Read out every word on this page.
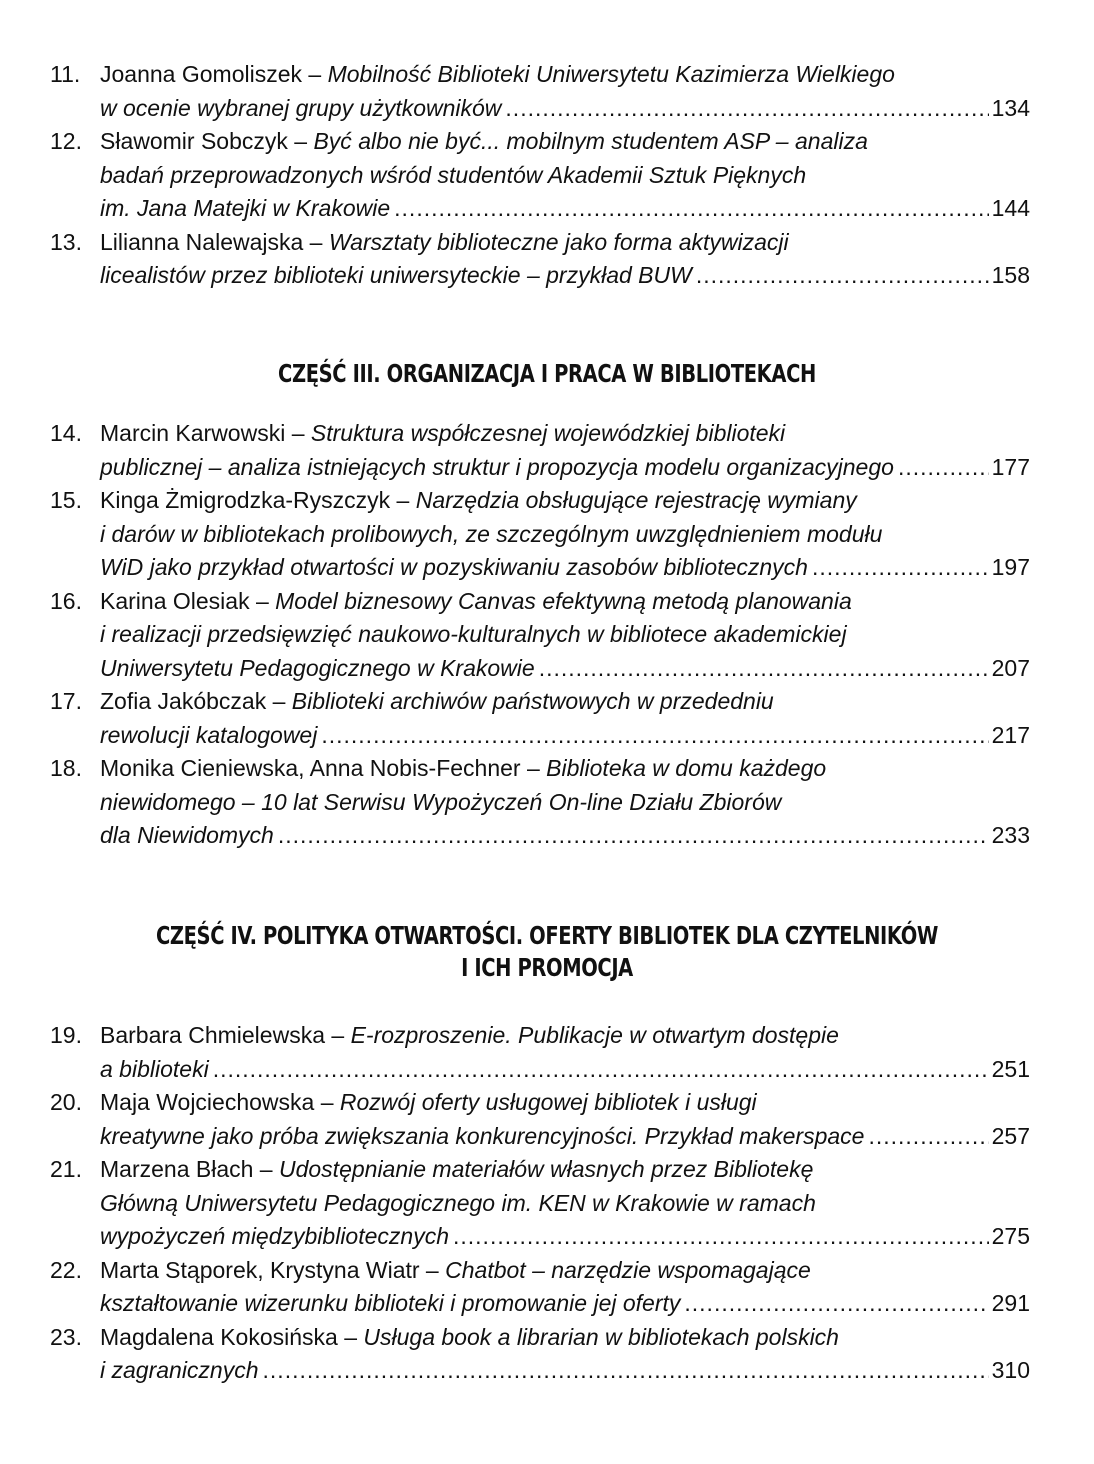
11. Joanna Gomoliszek – Mobilność Biblioteki Uniwersytetu Kazimierza Wielkiego
w ocenie wybranej grupy użytkowników .....	134
12. Sławomir Sobczyk – Być albo nie być... mobilnym studentem ASP – analiza
badań przeprowadzonych wśród studentów Akademii Sztuk Pięknych
im. Jana Matejki w Krakowie .....	144
13. Lilianna Nalewajska – Warsztaty biblioteczne jako forma aktywizacji
licealistów przez biblioteki uniwersyteckie – przykład BUW .....	158
CZĘŚĆ III. ORGANIZACJA I PRACA W BIBLIOTEKACH
14. Marcin Karwowski – Struktura współczesnej wojewódzkiej biblioteki
publicznej – analiza istniejących struktur i propozycja modelu organizacyjnego .....	177
15. Kinga Żmigrodzka-Ryszczyk – Narzędzia obsługujące rejestrację wymiany
i darów w bibliotekach prolibowych, ze szczególnym uwzględnieniem modułu
WiD jako przykład otwartości w pozyskiwaniu zasobów bibliotecznych .....	197
16. Karina Olesiak – Model biznesowy Canvas efektywną metodą planowania
i realizacji przedsięwzięć naukowo-kulturalnych w bibliotece akademickiej
Uniwersytetu Pedagogicznego w Krakowie .....	207
17. Zofia Jakóbczak – Biblioteki archiwów państwowych w przededniu
rewolucji katalogowej .....	217
18. Monika Cieniewska, Anna Nobis-Fechner – Biblioteka w domu każdego
niewidomego – 10 lat Serwisu Wypożyczeń On-line Działu Zbiorów
dla Niewidomych .....	233
CZĘŚĆ IV. POLITYKA OTWARTOŚCI. OFERTY BIBLIOTEK DLA CZYTELNIKÓW
I ICH PROMOCJA
19. Barbara Chmielewska – E-rozproszenie. Publikacje w otwartym dostępie
a biblioteki .....	251
20. Maja Wojciechowska – Rozwój oferty usługowej bibliotek i usługi
kreatywne jako próba zwiększania konkurencyjności. Przykład makerspace .....	257
21. Marzena Błach – Udostępnianie materiałów własnych przez Bibliotekę
Główną Uniwersytetu Pedagogicznego im. KEN w Krakowie w ramach
wypożyczeń międzybibliotecznych .....	275
22. Marta Stąporek, Krystyna Wiatr – Chatbot – narzędzie wspomagające
kształtowanie wizerunku biblioteki i promowanie jej oferty .....	291
23. Magdalena Kokosińska – Usługa book a librarian w bibliotekach polskich
i zagranicznych .....	310
